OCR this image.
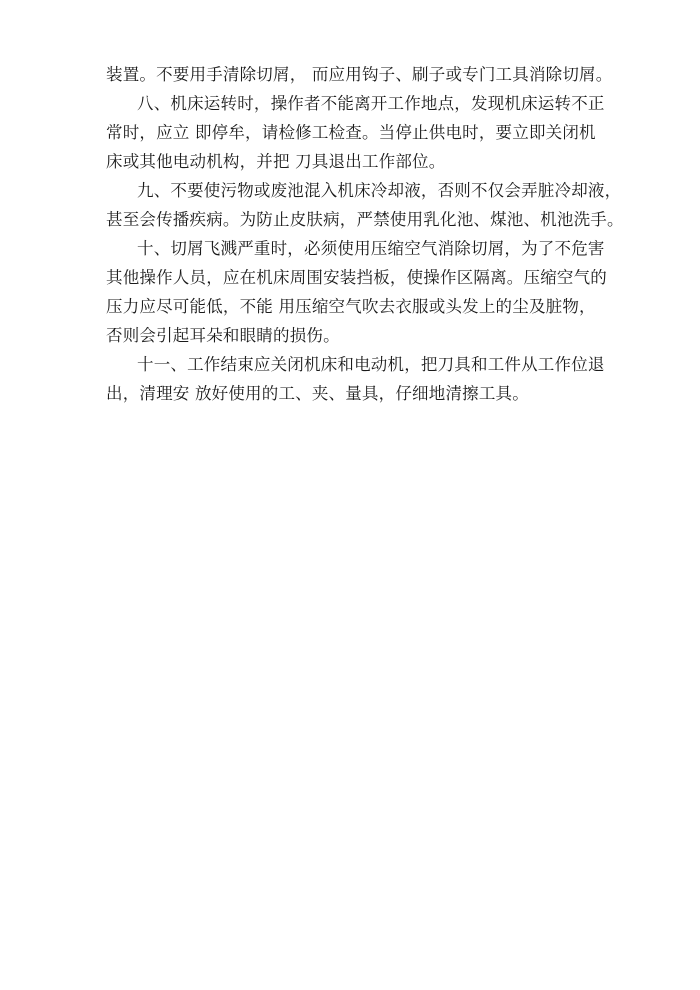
装置。不要用手清除切屑， 而应用钩子、刷子或专门工具消除切屑。
八、机床运转时，操作者不能离开工作地点，发现机床运转不正
常时，应立 即停牟，请检修工检查。当停止供电时，要立即关闭机
床或其他电动机构，并把 刀具退出工作部位。
九、不要使污物或废池混入机床冷却液，否则不仅会弄脏冷却液，
甚至会传播疾病。为防止皮肤病，严禁使用乳化池、煤池、机池洗手。
十、切屑飞溅严重时，必须使用压缩空气消除切屑，为了不危害
其他操作人员，应在机床周围安装挡板，使操作区隔离。压缩空气的
压力应尽可能低，不能 用压缩空气吹去衣服或头发上的尘及脏物，
否则会引起耳朵和眼睛的损伤。
十一、工作结束应关闭机床和电动机，把刀具和工件从工作位退
出，清理安 放好使用的工、夹、量具，仔细地清擦工具。
